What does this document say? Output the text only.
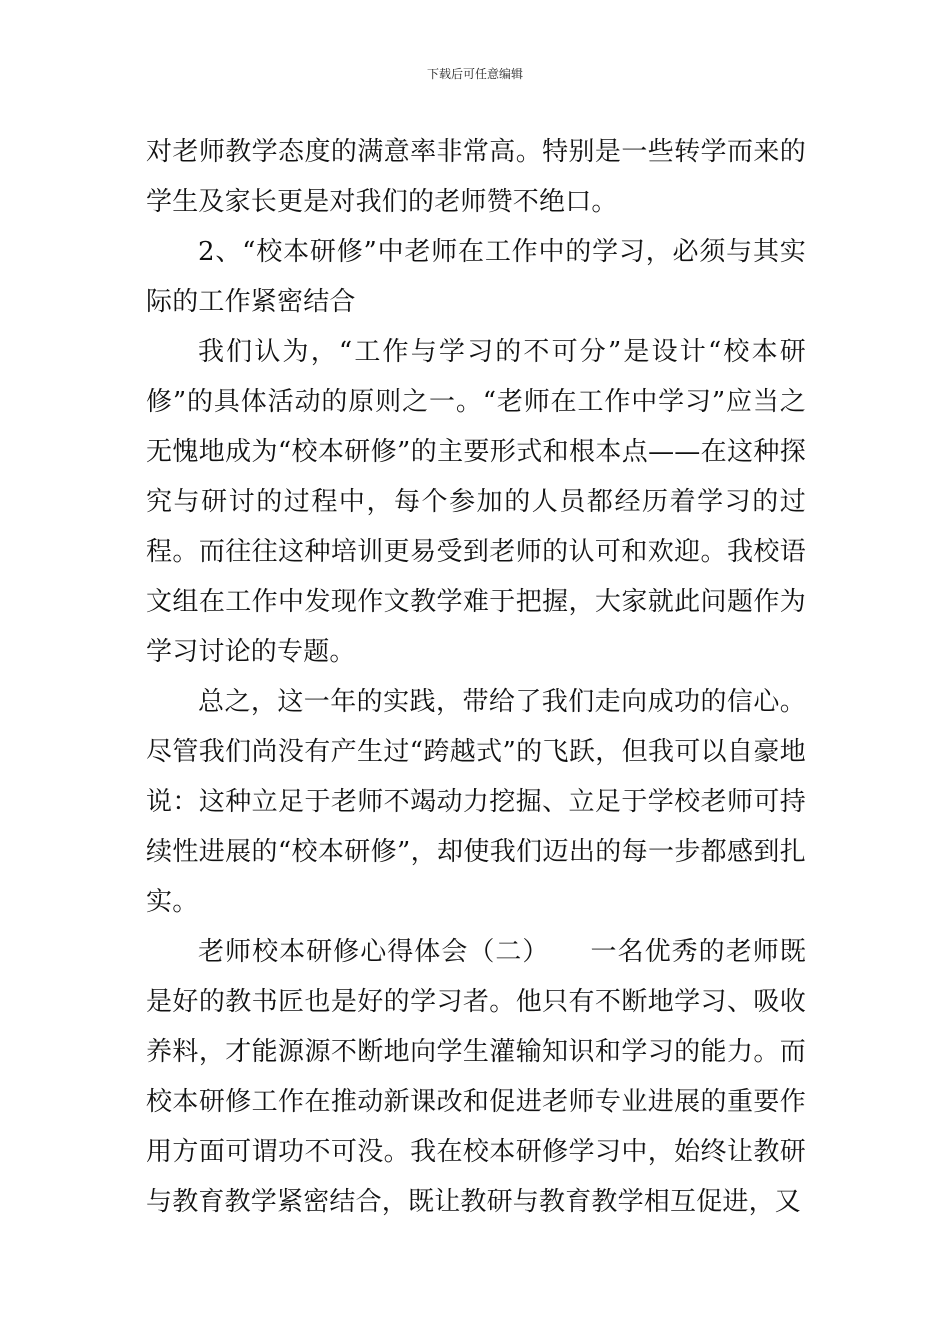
下载后可任意编辑

对老师教学态度的满意率非常高。特别是一些转学而来的学生及家长更是对我们的老师赞不绝口。

2、“校本研修”中老师在工作中的学习，必须与其实际的工作紧密结合

我们认为，“工作与学习的不可分”是设计“校本研修”的具体活动的原则之一。“老师在工作中学习”应当之无愧地成为“校本研修”的主要形式和根本点——在这种探究与研讨的过程中，每个参加的人员都经历着学习的过程。而往往这种培训更易受到老师的认可和欢迎。我校语文组在工作中发现作文教学难于把握，大家就此问题作为学习讨论的专题。

总之，这一年的实践，带给了我们走向成功的信心。尽管我们尚没有产生过“跨越式”的飞跃，但我可以自豪地说：这种立足于老师不竭动力挖掘、立足于学校老师可持续性进展的“校本研修”，却使我们迈出的每一步都感到扎实。

老师校本研修心得体会（二）　　一名优秀的老师既是好的教书匠也是好的学习者。他只有不断地学习、吸收养料，才能源源不断地向学生灌输知识和学习的能力。而校本研修工作在推动新课改和促进老师专业进展的重要作用方面可谓功不可没。我在校本研修学习中，始终让教研与教育教学紧密结合，既让教研与教育教学相互促进，又
